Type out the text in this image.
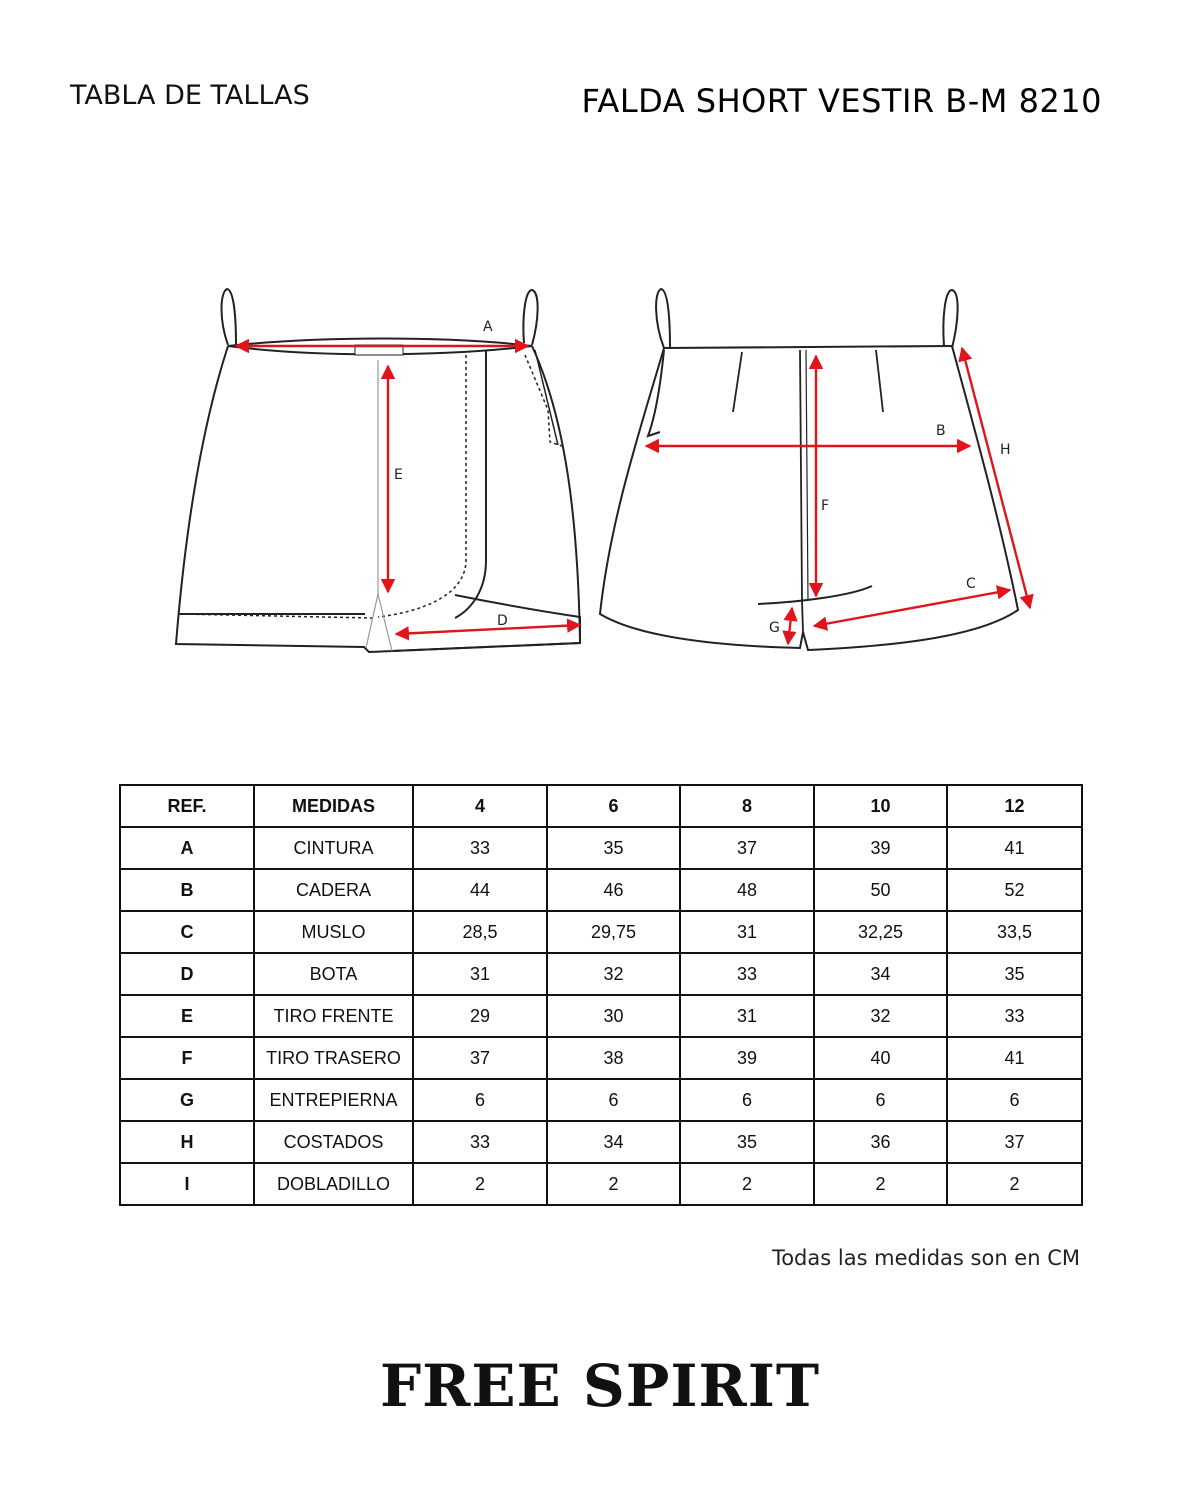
TABLA DE TALLAS	FALDA SHORT VESTIR B-M 8210
A
E
D
B
F
H
C
G
REF.	MEDIDAS	4	6	8	10	12
A	CINTURA	33	35	37	39	41
B	CADERA	44	46	48	50	52
C	MUSLO	28,5	29,75	31	32,25	33,5
D	BOTA	31	32	33	34	35
E	TIRO FRENTE	29	30	31	32	33
F	TIRO TRASERO	37	38	39	40	41
G	ENTREPIERNA	6	6	6	6	6
H	COSTADOS	33	34	35	36	37
I	DOBLADILLO	2	2	2	2	2
Todas las medidas son en CM
FREE SPIRIT
